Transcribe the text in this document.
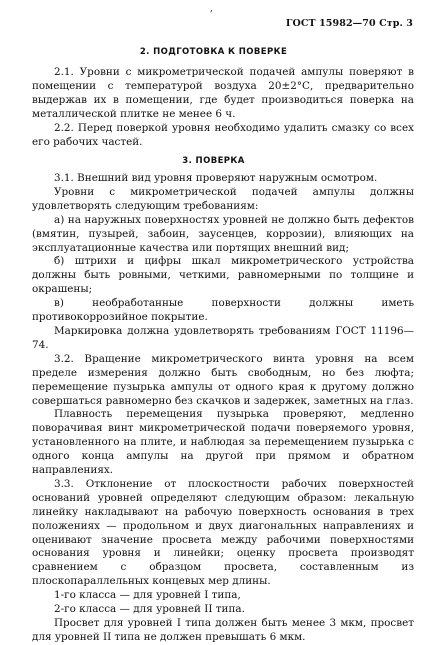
,
ГОСТ 15982—70 Стр. 3
2. ПОДГОТОВКА К ПОВЕРКЕ

2.1. Уровни с микрометрической подачей ампулы поверяют в помещении с температурой воздуха 20±2°С, предварительно выдержав их в помещении, где будет производиться поверка на металлической плитке не менее 6 ч.

2.2. Перед поверкой уровня необходимо удалить смазку со всех его рабочих частей.

3. ПОВЕРКА

3.1. Внешний вид уровня проверяют наружным осмотром.

Уровни с микрометрической подачей ампулы должны удовлетворять следующим требованиям:

а) на наружных поверхностях уровней не должно быть дефектов (вмятин, пузырей, забоин, заусенцев, коррозии), влияющих на эксплуатационные качества или портящих внешний вид;

б) штрихи и цифры шкал микрометрического устройства должны быть ровными, четкими, равномерными по толщине и окрашены;

в) необработанные поверхности должны иметь противокоррозийное покрытие.

Маркировка должна удовлетворять требованиям ГОСТ 11196—74.

3.2. Вращение микрометрического винта уровня на всем пределе измерения должно быть свободным, но без люфта; перемещение пузырька ампулы от одного края к другому должно совершаться равномерно без скачков и задержек, заметных на глаз.

Плавность перемещения пузырька проверяют, медленно поворачивая винт микрометрической подачи поверяемого уровня, установленного на плите, и наблюдая за перемещением пузырька с одного конца ампулы на другой при прямом и обратном направлениях.

3.3. Отклонение от плоскостности рабочих поверхностей оснований уровней определяют следующим образом: лекальную линейку накладывают на рабочую поверхность основания в трех положениях — продольном и двух диагональных направлениях и оценивают значение просвета между рабочими поверхностями основания уровня и линейки; оценку просвета производят сравнением с образцом просвета, составленным из плоскопараллельных концевых мер длины.

1-го класса — для уровней I типа,

2-го класса — для уровней II типа.

Просвет для уровней I типа должен быть менее 3 мкм, просвет для уровней II типа не должен превышать 6 мкм.
